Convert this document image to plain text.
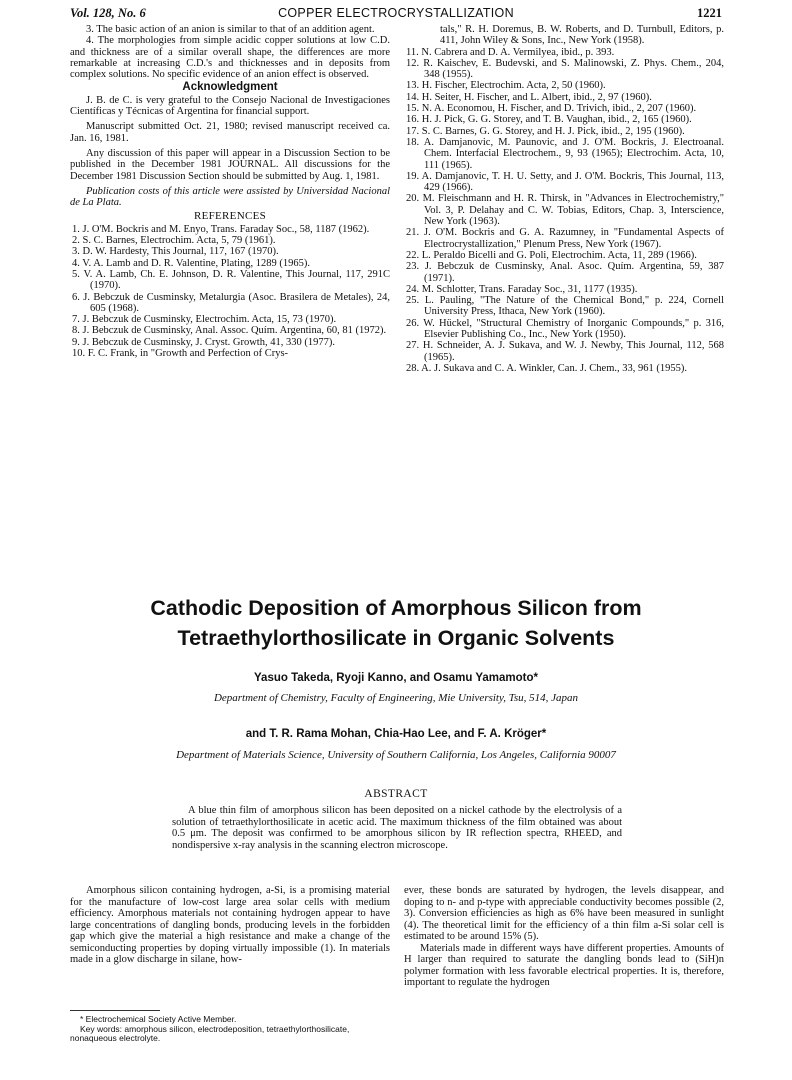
Vol. 128, No. 6	COPPER ELECTROCRYSTALLIZATION	1221

3. The basic action of an anion is similar to that of an addition agent.

4. The morphologies from simple acidic copper solutions at low C.D. and thickness are of a similar overall shape, the differences are more remarkable at increasing C.D.'s and thicknesses and in deposits from complex solutions. No specific evidence of an anion effect is observed.

Acknowledgment

J. B. de C. is very grateful to the Consejo Nacional de Investigaciones Científicas y Técnicas of Argentina for financial support.

Manuscript submitted Oct. 21, 1980; revised manuscript received ca. Jan. 16, 1981.

Any discussion of this paper will appear in a Discussion Section to be published in the December 1981 JOURNAL. All discussions for the December 1981 Discussion Section should be submitted by Aug. 1, 1981.

Publication costs of this article were assisted by Universidad Nacional de La Plata.

REFERENCES

1. J. O'M. Bockris and M. Enyo, Trans. Faraday Soc., 58, 1187 (1962).

2. S. C. Barnes, Electrochim. Acta, 5, 79 (1961).

3. D. W. Hardesty, This Journal, 117, 167 (1970).

4. V. A. Lamb and D. R. Valentine, Plating, 1289 (1965).

5. V. A. Lamb, Ch. E. Johnson, D. R. Valentine, This Journal, 117, 291C (1970).

6. J. Bebczuk de Cusminsky, Metalurgia (Asoc. Brasilera de Metales), 24, 605 (1968).

7. J. Bebczuk de Cusminsky, Electrochim. Acta, 15, 73 (1970).

8. J. Bebczuk de Cusminsky, Anal. Assoc. Quím. Argentina, 60, 81 (1972).

9. J. Bebczuk de Cusminsky, J. Cryst. Growth, 41, 330 (1977).

10. F. C. Frank, in "Growth and Perfection of Crys-

tals," R. H. Doremus, B. W. Roberts, and D. Turnbull, Editors, p. 411, John Wiley & Sons, Inc., New York (1958).

11. N. Cabrera and D. A. Vermilyea, ibid., p. 393.

12. R. Kaischev, E. Budevski, and S. Malinowski, Z. Phys. Chem., 204, 348 (1955).

13. H. Fischer, Electrochim. Acta, 2, 50 (1960).

14. H. Seiter, H. Fischer, and L. Albert, ibid., 2, 97 (1960).

15. N. A. Economou, H. Fischer, and D. Trivich, ibid., 2, 207 (1960).

16. H. J. Pick, G. G. Storey, and T. B. Vaughan, ibid., 2, 165 (1960).

17. S. C. Barnes, G. G. Storey, and H. J. Pick, ibid., 2, 195 (1960).

18. A. Damjanovic, M. Paunovic, and J. O'M. Bockris, J. Electroanal. Chem. Interfacial Electrochem., 9, 93 (1965); Electrochim. Acta, 10, 111 (1965).

19. A. Damjanovic, T. H. U. Setty, and J. O'M. Bockris, This Journal, 113, 429 (1966).

20. M. Fleischmann and H. R. Thirsk, in "Advances in Electrochemistry," Vol. 3, P. Delahay and C. W. Tobias, Editors, Chap. 3, Interscience, New York (1963).

21. J. O'M. Bockris and G. A. Razumney, in "Fundamental Aspects of Electrocrystallization," Plenum Press, New York (1967).

22. L. Peraldo Bicelli and G. Poli, Electrochim. Acta, 11, 289 (1966).

23. J. Bebczuk de Cusminsky, Anal. Asoc. Quím. Argentina, 59, 387 (1971).

24. M. Schlotter, Trans. Faraday Soc., 31, 1177 (1935).

25. L. Pauling, "The Nature of the Chemical Bond," p. 224, Cornell University Press, Ithaca, New York (1960).

26. W. Hückel, "Structural Chemistry of Inorganic Compounds," p. 316, Elsevier Publishing Co., Inc., New York (1950).

27. H. Schneider, A. J. Sukava, and W. J. Newby, This Journal, 112, 568 (1965).

28. A. J. Sukava and C. A. Winkler, Can. J. Chem., 33, 961 (1955).

Cathodic Deposition of Amorphous Silicon from
Tetraethylorthosilicate in Organic Solvents
Yasuo Takeda, Ryoji Kanno, and Osamu Yamamoto*
Department of Chemistry, Faculty of Engineering, Mie University, Tsu, 514, Japan
and T. R. Rama Mohan, Chia-Hao Lee, and F. A. Kröger*
Department of Materials Science, University of Southern California, Los Angeles, California 90007
ABSTRACT

A blue thin film of amorphous silicon has been deposited on a nickel cathode by the electrolysis of a solution of tetraethylorthosilicate in acetic acid. The maximum thickness of the film obtained was about 0.5 μm. The deposit was confirmed to be amorphous silicon by IR reflection spectra, RHEED, and nondispersive x-ray analysis in the scanning electron microscope.

Amorphous silicon containing hydrogen, a-Si, is a promising material for the manufacture of low-cost large area solar cells with medium efficiency. Amorphous materials not containing hydrogen appear to have large concentrations of dangling bonds, producing levels in the forbidden gap which give the material a high resistance and make a change of the semiconducting properties by doping virtually impossible (1). In materials made in a glow discharge in silane, how-

ever, these bonds are saturated by hydrogen, the levels disappear, and doping to n- and p-type with appreciable conductivity becomes possible (2, 3). Conversion efficiencies as high as 6% have been measured in sunlight (4). The theoretical limit for the efficiency of a thin film a-Si solar cell is estimated to be around 15% (5).

Materials made in different ways have different properties. Amounts of H larger than required to saturate the dangling bonds lead to (SiH)n polymer formation with less favorable electrical properties. It is, therefore, important to regulate the hydrogen

* Electrochemical Society Active Member.

Key words: amorphous silicon, electrodeposition, tetraethylorthosilicate, nonaqueous electrolyte.
